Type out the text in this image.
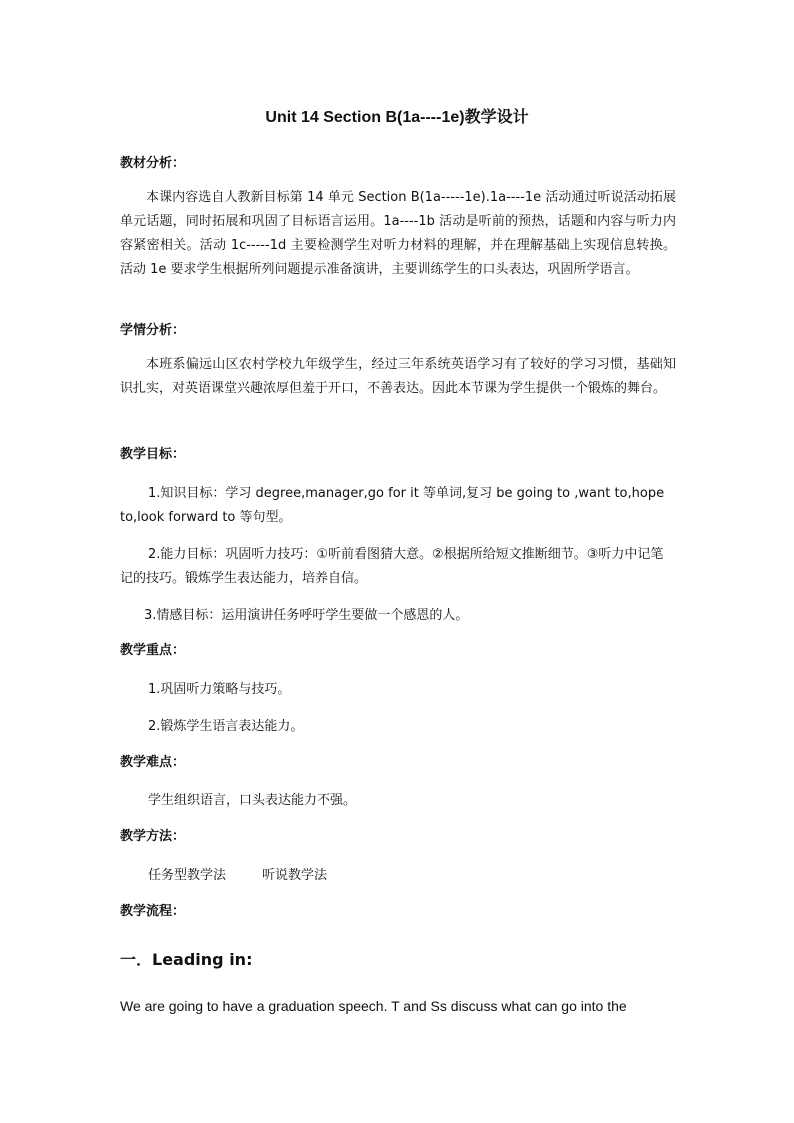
Unit 14 Section B(1a----1e)教学设计
教材分析：

本课内容选自人教新目标第 14 单元 Section B(1a-----1e).1a----1e 活动通过听说活动拓展单元话题，同时拓展和巩固了目标语言运用。1a----1b 活动是听前的预热，话题和内容与听力内容紧密相关。活动 1c-----1d 主要检测学生对听力材料的理解，并在理解基础上实现信息转换。活动 1e 要求学生根据所列问题提示准备演讲，主要训练学生的口头表达，巩固所学语言。

学情分析：

本班系偏远山区农村学校九年级学生，经过三年系统英语学习有了较好的学习习惯，基础知识扎实，对英语课堂兴趣浓厚但羞于开口，不善表达。因此本节课为学生提供一个锻炼的舞台。

教学目标：

1.知识目标：学习 degree,manager,go for it 等单词,复习 be going to ,want to,hope to,look forward to 等句型。

2.能力目标：巩固听力技巧：①听前看图猜大意。②根据所给短文推断细节。③听力中记笔记的技巧。锻炼学生表达能力，培养自信。

3.情感目标：运用演讲任务呼吁学生要做一个感恩的人。

教学重点：

1.巩固听力策略与技巧。

2.锻炼学生语言表达能力。

教学难点：

学生组织语言，口头表达能力不强。

教学方法：

任务型教学法	听说教学法

教学流程：
一．Leading in:

We are going to have a graduation speech. T and Ss discuss what can go into the
